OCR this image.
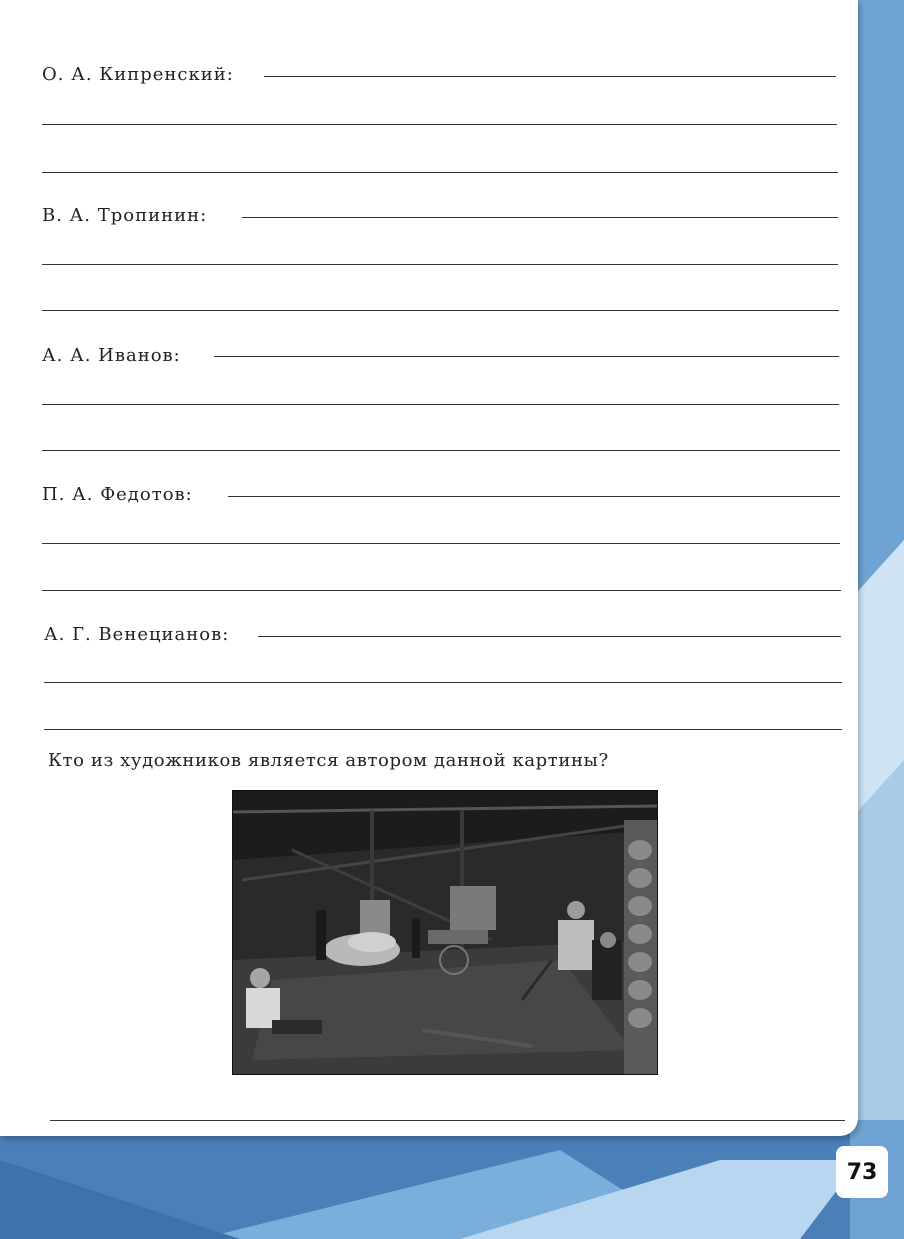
О. А. Кипренский:
В. А. Тропинин:
А. А. Иванов:
П. А. Федотов:
А. Г. Венецианов:
Кто из художников является автором данной картины?
73
